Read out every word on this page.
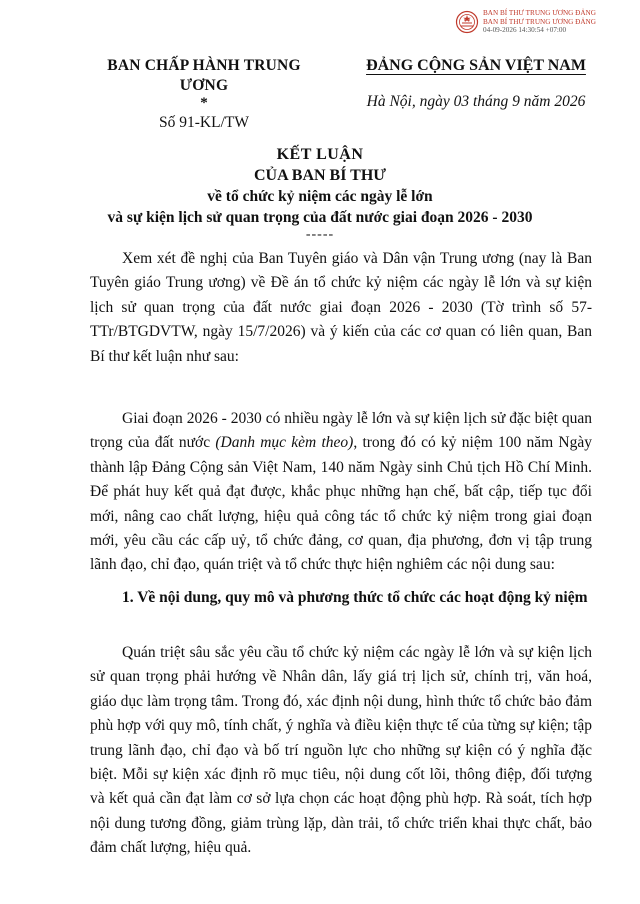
BAN BÍ THƯ TRUNG ƯƠNG ĐẢNG
BAN BÍ THƯ TRUNG ƯƠNG ĐẢNG
04-09-2026 14:30:54 +07:00
BAN CHẤP HÀNH TRUNG ƯƠNG
*
Số 91-KL/TW
ĐẢNG CỘNG SẢN VIỆT NAM
Hà Nội, ngày 03 tháng 9 năm 2026
KẾT LUẬN
CỦA BAN BÍ THƯ
về tổ chức kỷ niệm các ngày lễ lớn
và sự kiện lịch sử quan trọng của đất nước giai đoạn 2026 - 2030
-----

Xem xét đề nghị của Ban Tuyên giáo và Dân vận Trung ương (nay là Ban Tuyên giáo Trung ương) về Đề án tổ chức kỷ niệm các ngày lễ lớn và sự kiện lịch sử quan trọng của đất nước giai đoạn 2026 - 2030 (Tờ trình số 57-TTr/BTGDVTW, ngày 15/7/2026) và ý kiến của các cơ quan có liên quan, Ban Bí thư kết luận như sau:

Giai đoạn 2026 - 2030 có nhiều ngày lễ lớn và sự kiện lịch sử đặc biệt quan trọng của đất nước (Danh mục kèm theo), trong đó có kỷ niệm 100 năm Ngày thành lập Đảng Cộng sản Việt Nam, 140 năm Ngày sinh Chủ tịch Hồ Chí Minh. Để phát huy kết quả đạt được, khắc phục những hạn chế, bất cập, tiếp tục đổi mới, nâng cao chất lượng, hiệu quả công tác tổ chức kỷ niệm trong giai đoạn mới, yêu cầu các cấp uỷ, tổ chức đảng, cơ quan, địa phương, đơn vị tập trung lãnh đạo, chỉ đạo, quán triệt và tổ chức thực hiện nghiêm các nội dung sau:

1. Về nội dung, quy mô và phương thức tổ chức các hoạt động kỷ niệm

Quán triệt sâu sắc yêu cầu tổ chức kỷ niệm các ngày lễ lớn và sự kiện lịch sử quan trọng phải hướng về Nhân dân, lấy giá trị lịch sử, chính trị, văn hoá, giáo dục làm trọng tâm. Trong đó, xác định nội dung, hình thức tổ chức bảo đảm phù hợp với quy mô, tính chất, ý nghĩa và điều kiện thực tế của từng sự kiện; tập trung lãnh đạo, chỉ đạo và bố trí nguồn lực cho những sự kiện có ý nghĩa đặc biệt. Mỗi sự kiện xác định rõ mục tiêu, nội dung cốt lõi, thông điệp, đối tượng và kết quả cần đạt làm cơ sở lựa chọn các hoạt động phù hợp. Rà soát, tích hợp nội dung tương đồng, giảm trùng lặp, dàn trải, tổ chức triển khai thực chất, bảo đảm chất lượng, hiệu quả.
